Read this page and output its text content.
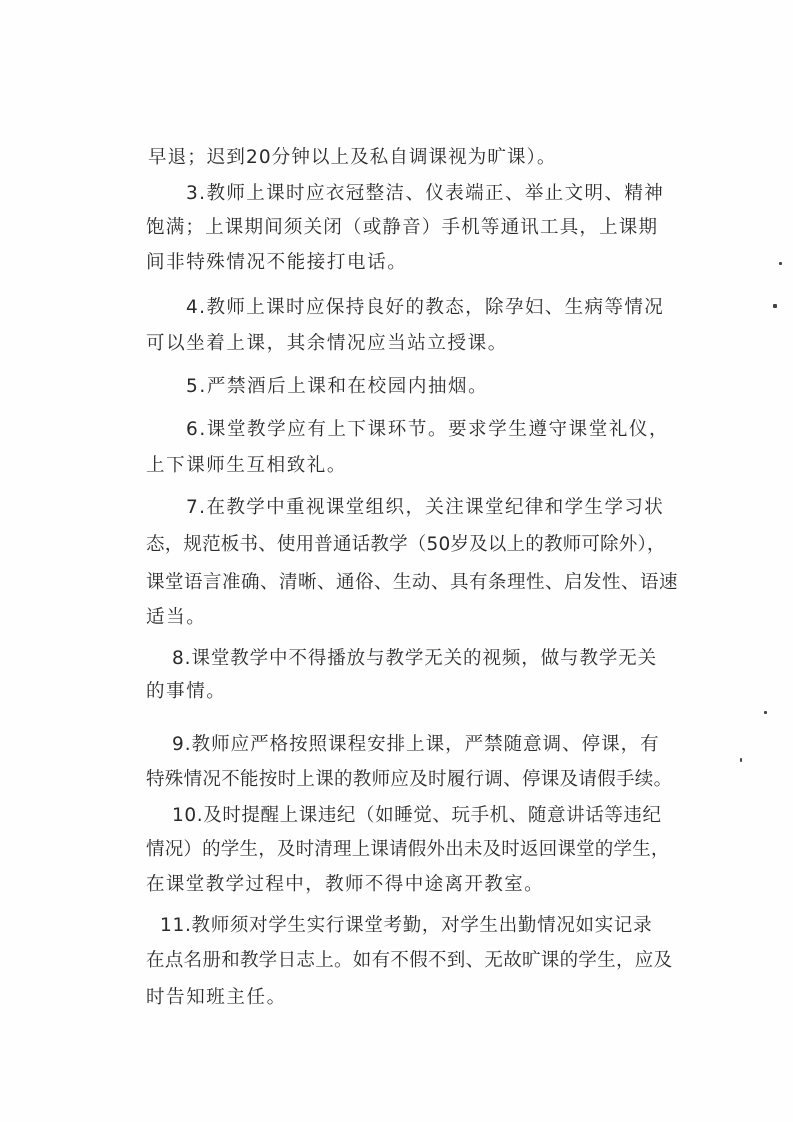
早退；迟到20分钟以上及私自调课视为旷课）。
3.教师上课时应衣冠整洁、仪表端正、举止文明、精神
饱满；上课期间须关闭（或静音）手机等通讯工具，上课期
间非特殊情况不能接打电话。
4.教师上课时应保持良好的教态，除孕妇、生病等情况
可以坐着上课，其余情况应当站立授课。
5.严禁酒后上课和在校园内抽烟。
6.课堂教学应有上下课环节。要求学生遵守课堂礼仪，
上下课师生互相致礼。
7.在教学中重视课堂组织，关注课堂纪律和学生学习状
态，规范板书、使用普通话教学（50岁及以上的教师可除外），
课堂语言准确、清晰、通俗、生动、具有条理性、启发性、语速
适当。
8.课堂教学中不得播放与教学无关的视频，做与教学无关
的事情。
9.教师应严格按照课程安排上课，严禁随意调、停课，有
特殊情况不能按时上课的教师应及时履行调、停课及请假手续。
10.及时提醒上课违纪（如睡觉、玩手机、随意讲话等违纪
情况）的学生，及时清理上课请假外出未及时返回课堂的学生，
在课堂教学过程中，教师不得中途离开教室。
11.教师须对学生实行课堂考勤，对学生出勤情况如实记录
在点名册和教学日志上。如有不假不到、无故旷课的学生，应及
时告知班主任。
